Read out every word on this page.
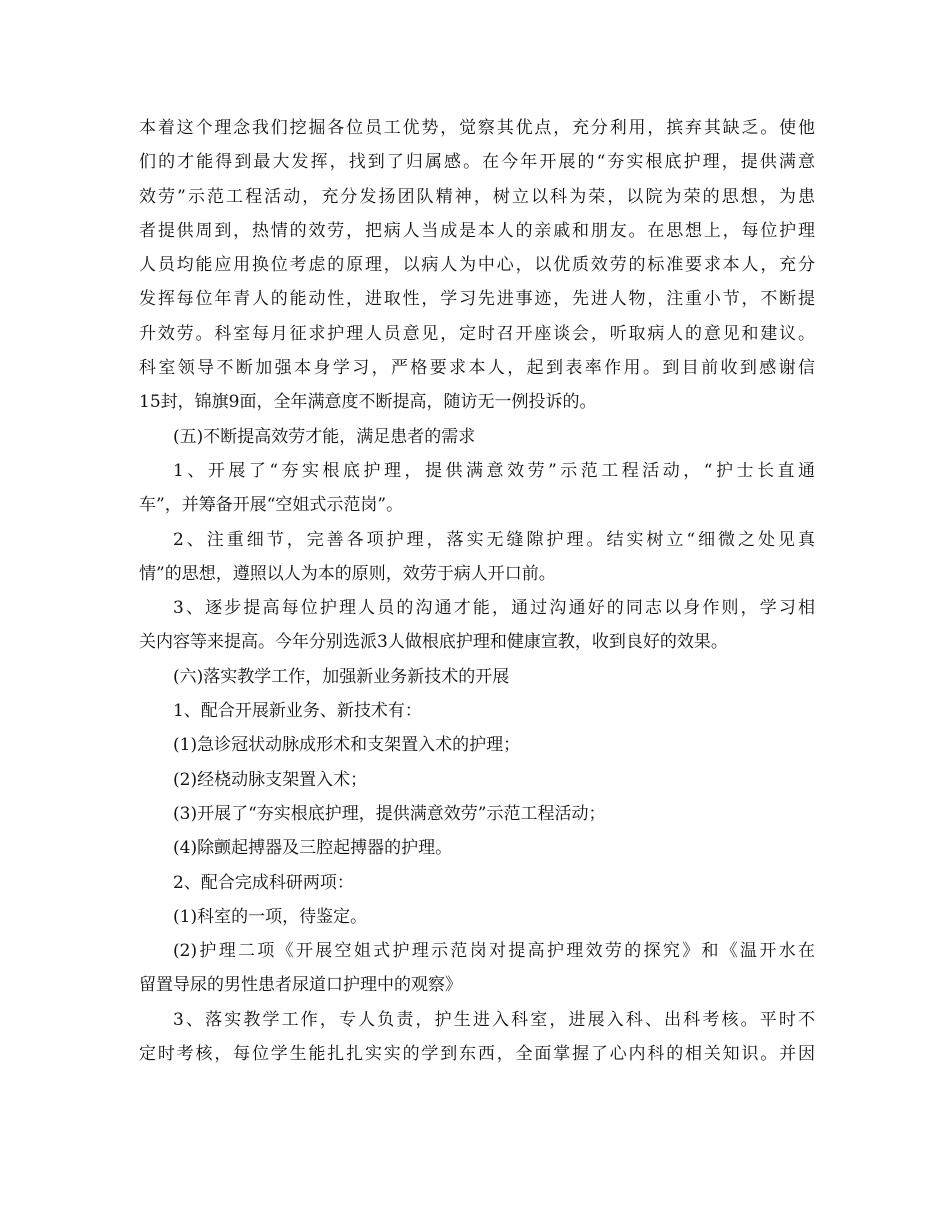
本着这个理念我们挖掘各位员工优势，觉察其优点，充分利用，摈弃其缺乏。使他
们的才能得到最大发挥，找到了归属感。在今年开展的“夯实根底护理，提供满意
效劳”示范工程活动，充分发扬团队精神，树立以科为荣，以院为荣的思想，为患
者提供周到，热情的效劳，把病人当成是本人的亲戚和朋友。在思想上，每位护理
人员均能应用换位考虑的原理，以病人为中心，以优质效劳的标准要求本人，充分
发挥每位年青人的能动性，进取性，学习先进事迹，先进人物，注重小节，不断提
升效劳。科室每月征求护理人员意见，定时召开座谈会，听取病人的意见和建议。
科室领导不断加强本身学习，严格要求本人，起到表率作用。到目前收到感谢信
15封，锦旗9面，全年满意度不断提高，随访无一例投诉的。
(五)不断提高效劳才能，满足患者的需求
1、开展了“夯实根底护理，提供满意效劳”示范工程活动，“护士长直通
车”，并筹备开展“空姐式示范岗”。
2、注重细节，完善各项护理，落实无缝隙护理。结实树立“细微之处见真
情”的思想，遵照以人为本的原则，效劳于病人开口前。
3、逐步提高每位护理人员的沟通才能，通过沟通好的同志以身作则，学习相
关内容等来提高。今年分别选派3人做根底护理和健康宣教，收到良好的效果。
(六)落实教学工作，加强新业务新技术的开展
1、配合开展新业务、新技术有：
(1)急诊冠状动脉成形术和支架置入术的护理；
(2)经桡动脉支架置入术；
(3)开展了“夯实根底护理，提供满意效劳”示范工程活动；
(4)除颤起搏器及三腔起搏器的护理。
2、配合完成科研两项：
(1)科室的一项，待鉴定。
(2)护理二项《开展空姐式护理示范岗对提高护理效劳的探究》和《温开水在
留置导尿的男性患者尿道口护理中的观察》
3、落实教学工作，专人负责，护生进入科室，进展入科、出科考核。平时不
定时考核，每位学生能扎扎实实的学到东西，全面掌握了心内科的相关知识。并因
